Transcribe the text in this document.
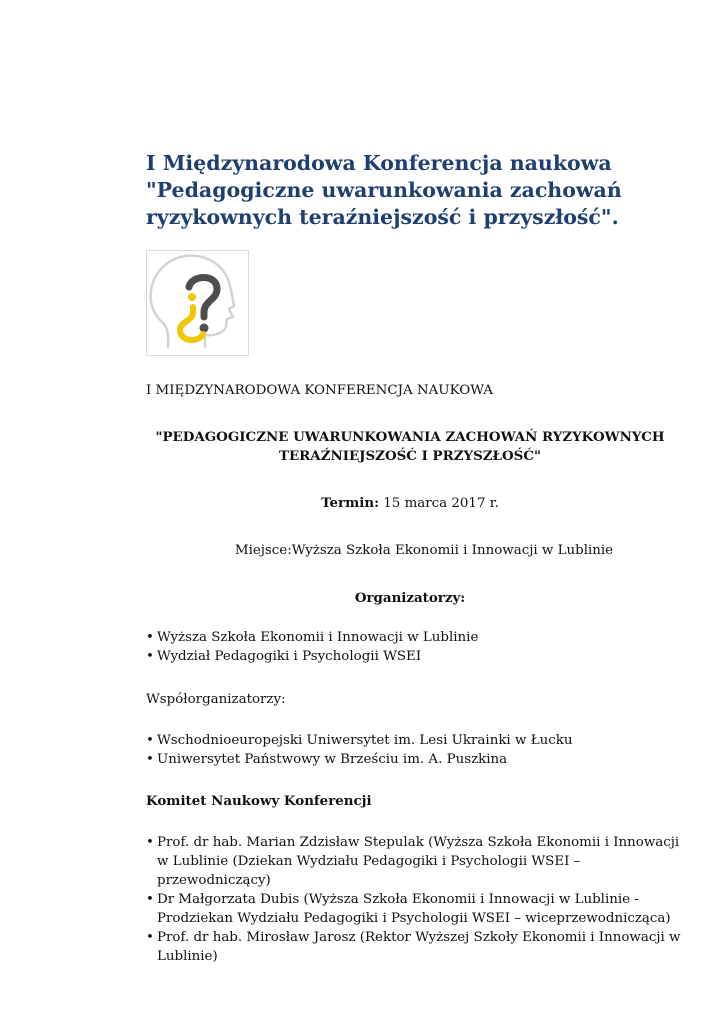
I Międzynarodowa Konferencja naukowa
"Pedagogiczne uwarunkowania zachowań
ryzykownych teraźniejszość i przyszłość".

I MIĘDZYNARODOWA KONFERENCJA NAUKOWA

"PEDAGOGICZNE UWARUNKOWANIA ZACHOWAŃ RYZYKOWNYCH

TERAŹNIEJSZOŚĆ I PRZYSZŁOŚĆ"

Termin: 15 marca 2017 r.

Miejsce:Wyższa Szkoła Ekonomii i Innowacji w Lublinie

Organizatorzy:

• Wyższa Szkoła Ekonomii i Innowacji w Lublinie
• Wydział Pedagogiki i Psychologii WSEI

Współorganizatorzy:

• Wschodnioeuropejski Uniwersytet im. Lesi Ukrainki w Łucku
• Uniwersytet Państwowy w Brześciu im. A. Puszkina

Komitet Naukowy Konferencji

• Prof. dr hab. Marian Zdzisław Stepulak (Wyższa Szkoła Ekonomii i Innowacji
w Lublinie (Dziekan Wydziału Pedagogiki i Psychologii WSEI –
przewodniczący)
• Dr Małgorzata Dubis (Wyższa Szkoła Ekonomii i Innowacji w Lublinie -
Prodziekan Wydziału Pedagogiki i Psychologii WSEI – wiceprzewodnicząca)
• Prof. dr hab. Mirosław Jarosz (Rektor Wyższej Szkoły Ekonomii i Innowacji w
Lublinie)
